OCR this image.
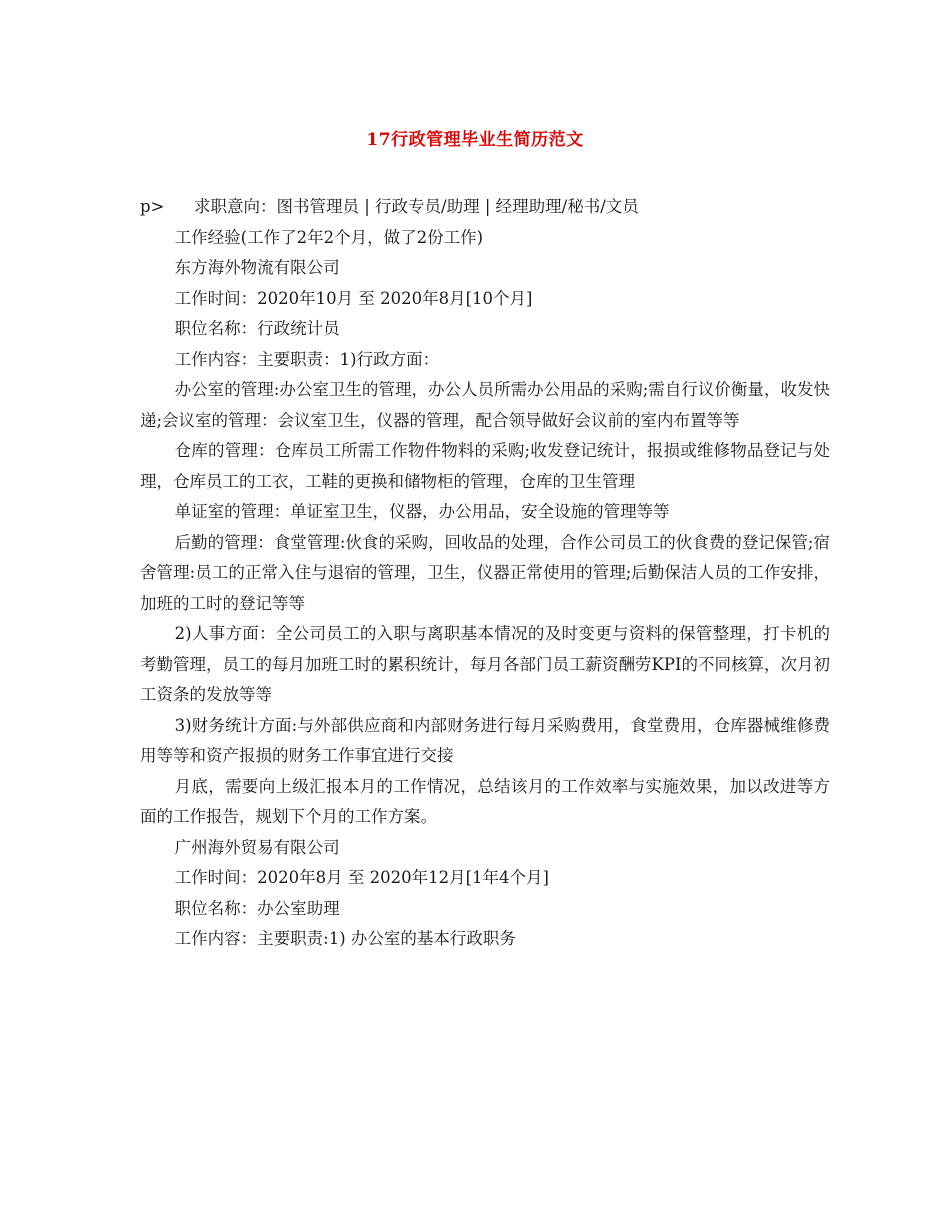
17行政管理毕业生简历范文

p> 求职意向：图书管理员 | 行政专员/助理 | 经理助理/秘书/文员

工作经验(工作了2年2个月，做了2份工作)

东方海外物流有限公司

工作时间：2020年10月 至 2020年8月[10个月]

职位名称：行政统计员

工作内容：主要职责：1)行政方面：

办公室的管理:办公室卫生的管理，办公人员所需办公用品的采购;需自行议价衡量，收发快递;会议室的管理：会议室卫生，仪器的管理，配合领导做好会议前的室内布置等等

仓库的管理：仓库员工所需工作物件物料的采购;收发登记统计，报损或维修物品登记与处理，仓库员工的工衣，工鞋的更换和储物柜的管理，仓库的卫生管理

单证室的管理：单证室卫生，仪器，办公用品，安全设施的管理等等

后勤的管理：食堂管理:伙食的采购，回收品的处理，合作公司员工的伙食费的登记保管;宿舍管理:员工的正常入住与退宿的管理，卫生，仪器正常使用的管理;后勤保洁人员的工作安排，加班的工时的登记等等

2)人事方面：全公司员工的入职与离职基本情况的及时变更与资料的保管整理，打卡机的考勤管理，员工的每月加班工时的累积统计，每月各部门员工薪资酬劳KPI的不同核算，次月初工资条的发放等等

3)财务统计方面:与外部供应商和内部财务进行每月采购费用，食堂费用，仓库器械维修费用等等和资产报损的财务工作事宜进行交接

月底，需要向上级汇报本月的工作情况，总结该月的工作效率与实施效果，加以改进等方面的工作报告，规划下个月的工作方案。

广州海外贸易有限公司

工作时间：2020年8月 至 2020年12月[1年4个月]

职位名称：办公室助理

工作内容：主要职责:1) 办公室的基本行政职务
